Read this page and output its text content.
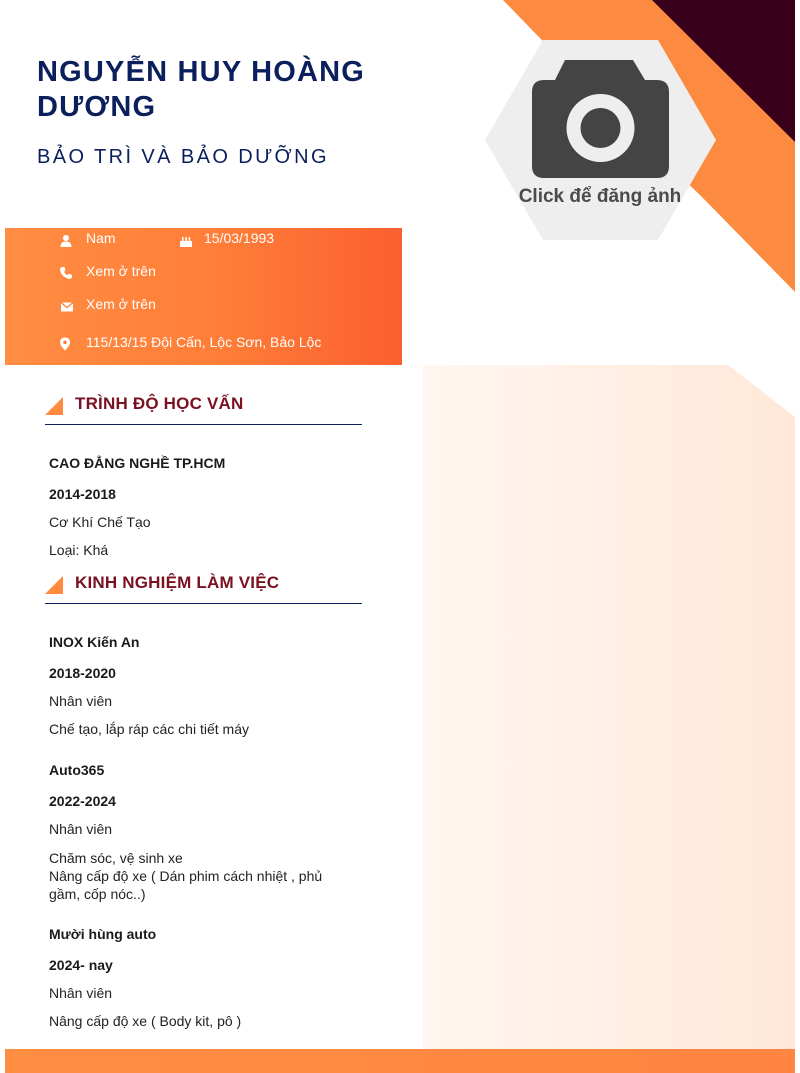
NGUYỄN HUY HOÀNG DƯƠNG
BẢO TRÌ VÀ BẢO DƯỠNG
Click để đăng ảnh
Nam	15/03/1993
Xem ở trên
Xem ở trên
115/13/15 Đội Cấn, Lộc Sơn, Bảo Lộc
TRÌNH ĐỘ HỌC VẤN
CAO ĐẲNG NGHỀ TP.HCM
2014-2018
Cơ Khí Chế Tạo
Loại: Khá
KINH NGHIỆM LÀM VIỆC
INOX Kiến An
2018-2020
Nhân viên
Chế tạo, lắp ráp các chi tiết máy
Auto365
2022-2024
Nhân viên
Chăm sóc, vệ sinh xe
Nâng cấp độ xe ( Dán phim cách nhiệt , phủ gầm, cốp nóc..)
Mười hùng auto
2024- nay
Nhân viên
Nâng cấp độ xe ( Body kit, pô )
